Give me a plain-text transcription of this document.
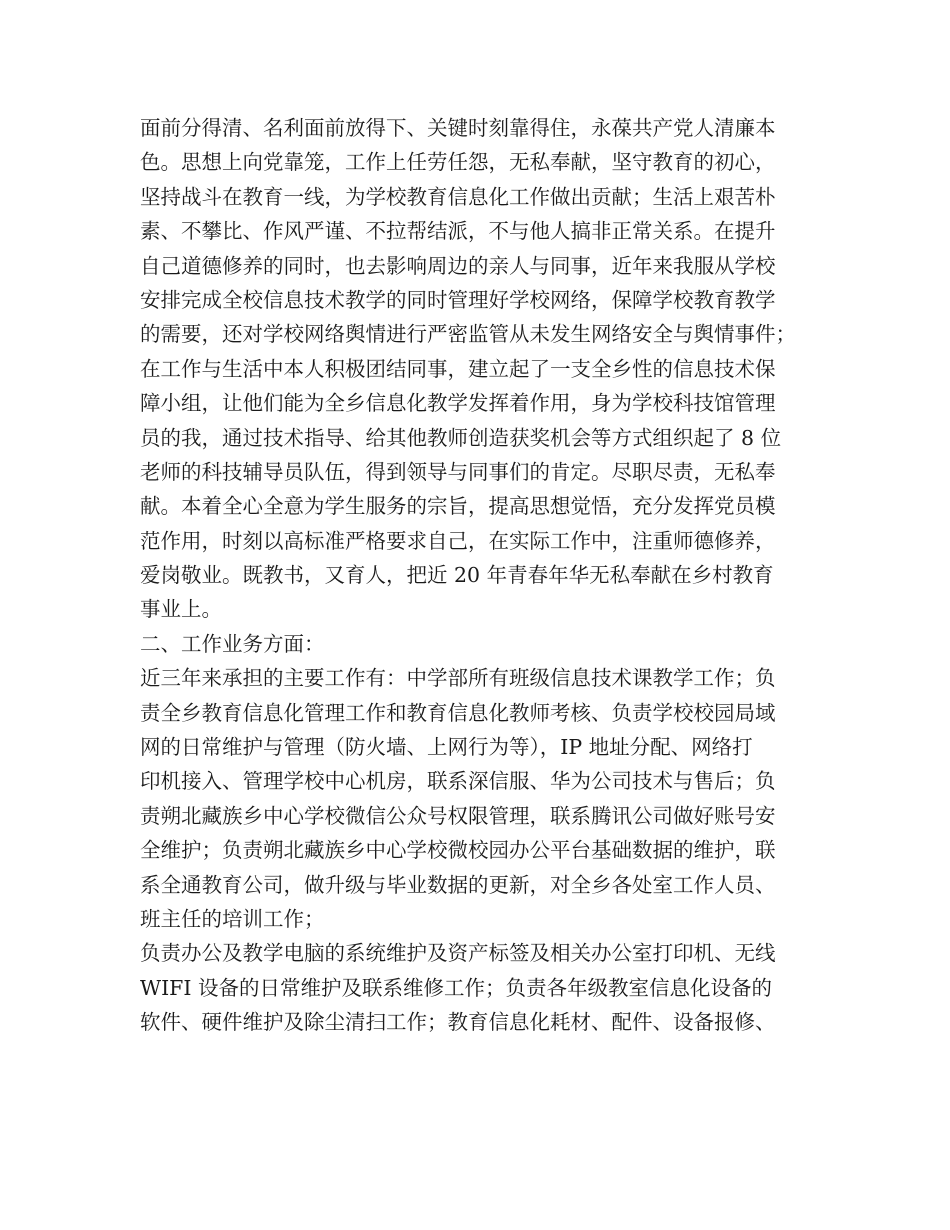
面前分得清、名利面前放得下、关键时刻靠得住，永葆共产党人清廉本
色。思想上向党靠笼，工作上任劳任怨，无私奉献，坚守教育的初心，
坚持战斗在教育一线，为学校教育信息化工作做出贡献；生活上艰苦朴
素、不攀比、作风严谨、不拉帮结派，不与他人搞非正常关系。在提升
自己道德修养的同时，也去影响周边的亲人与同事，近年来我服从学校
安排完成全校信息技术教学的同时管理好学校网络，保障学校教育教学
的需要，还对学校网络舆情进行严密监管从未发生网络安全与舆情事件；
在工作与生活中本人积极团结同事，建立起了一支全乡性的信息技术保
障小组，让他们能为全乡信息化教学发挥着作用，身为学校科技馆管理
员的我，通过技术指导、给其他教师创造获奖机会等方式组织起了 8 位
老师的科技辅导员队伍，得到领导与同事们的肯定。尽职尽责，无私奉
献。本着全心全意为学生服务的宗旨，提高思想觉悟，充分发挥党员模
范作用，时刻以高标准严格要求自己，在实际工作中，注重师德修养，
爱岗敬业。既教书，又育人，把近 20 年青春年华无私奉献在乡村教育
事业上。
二、工作业务方面：
近三年来承担的主要工作有：中学部所有班级信息技术课教学工作；负
责全乡教育信息化管理工作和教育信息化教师考核、负责学校校园局域
网的日常维护与管理（防火墙、上网行为等），IP 地址分配、网络打
印机接入、管理学校中心机房，联系深信服、华为公司技术与售后；负
责朔北藏族乡中心学校微信公众号权限管理，联系腾讯公司做好账号安
全维护；负责朔北藏族乡中心学校微校园办公平台基础数据的维护，联
系全通教育公司，做升级与毕业数据的更新，对全乡各处室工作人员、
班主任的培训工作；
负责办公及教学电脑的系统维护及资产标签及相关办公室打印机、无线
WIFI 设备的日常维护及联系维修工作；负责各年级教室信息化设备的
软件、硬件维护及除尘清扫工作；教育信息化耗材、配件、设备报修、
